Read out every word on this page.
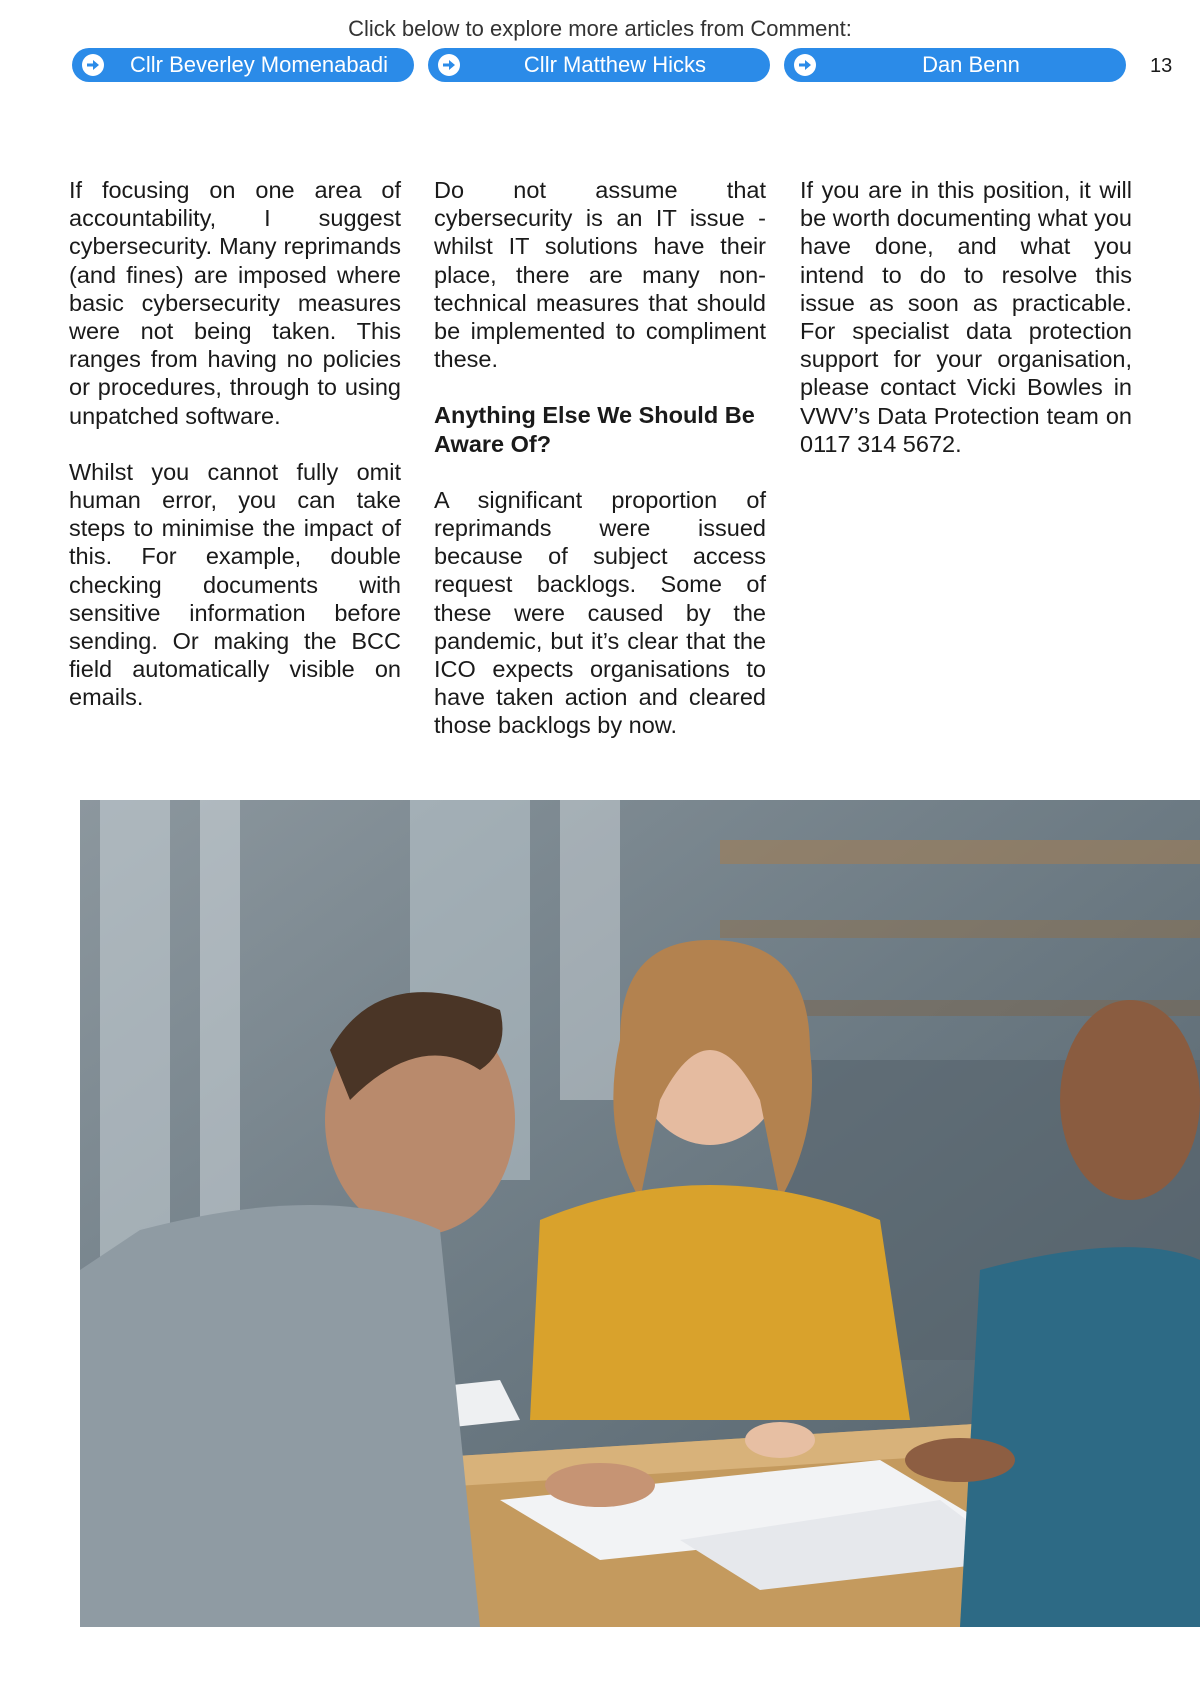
Click below to explore more articles from Comment:

Cllr Beverley Momenabadi	Cllr Matthew Hicks	Dan Benn	13

If focusing on one area of accountability, I suggest cybersecurity. Many reprimands (and fines) are imposed where basic cybersecurity measures were not being taken. This ranges from having no policies or procedures, through to using unpatched software.

Whilst you cannot fully omit human error, you can take steps to minimise the impact of this. For example, double checking documents with sensitive information before sending. Or making the BCC field automatically visible on emails.

Do not assume that cybersecurity is an IT issue - whilst IT solutions have their place, there are many non-technical measures that should be implemented to compliment these.

Anything Else We Should Be Aware Of?

A significant proportion of reprimands were issued because of subject access request backlogs. Some of these were caused by the pandemic, but it’s clear that the ICO expects organisations to have taken action and cleared those backlogs by now.

If you are in this position, it will be worth documenting what you have done, and what you intend to do to resolve this issue as soon as practicable. For specialist data protection support for your organisation, please contact Vicki Bowles in VWV’s Data Protection team on 0117 314 5672.
